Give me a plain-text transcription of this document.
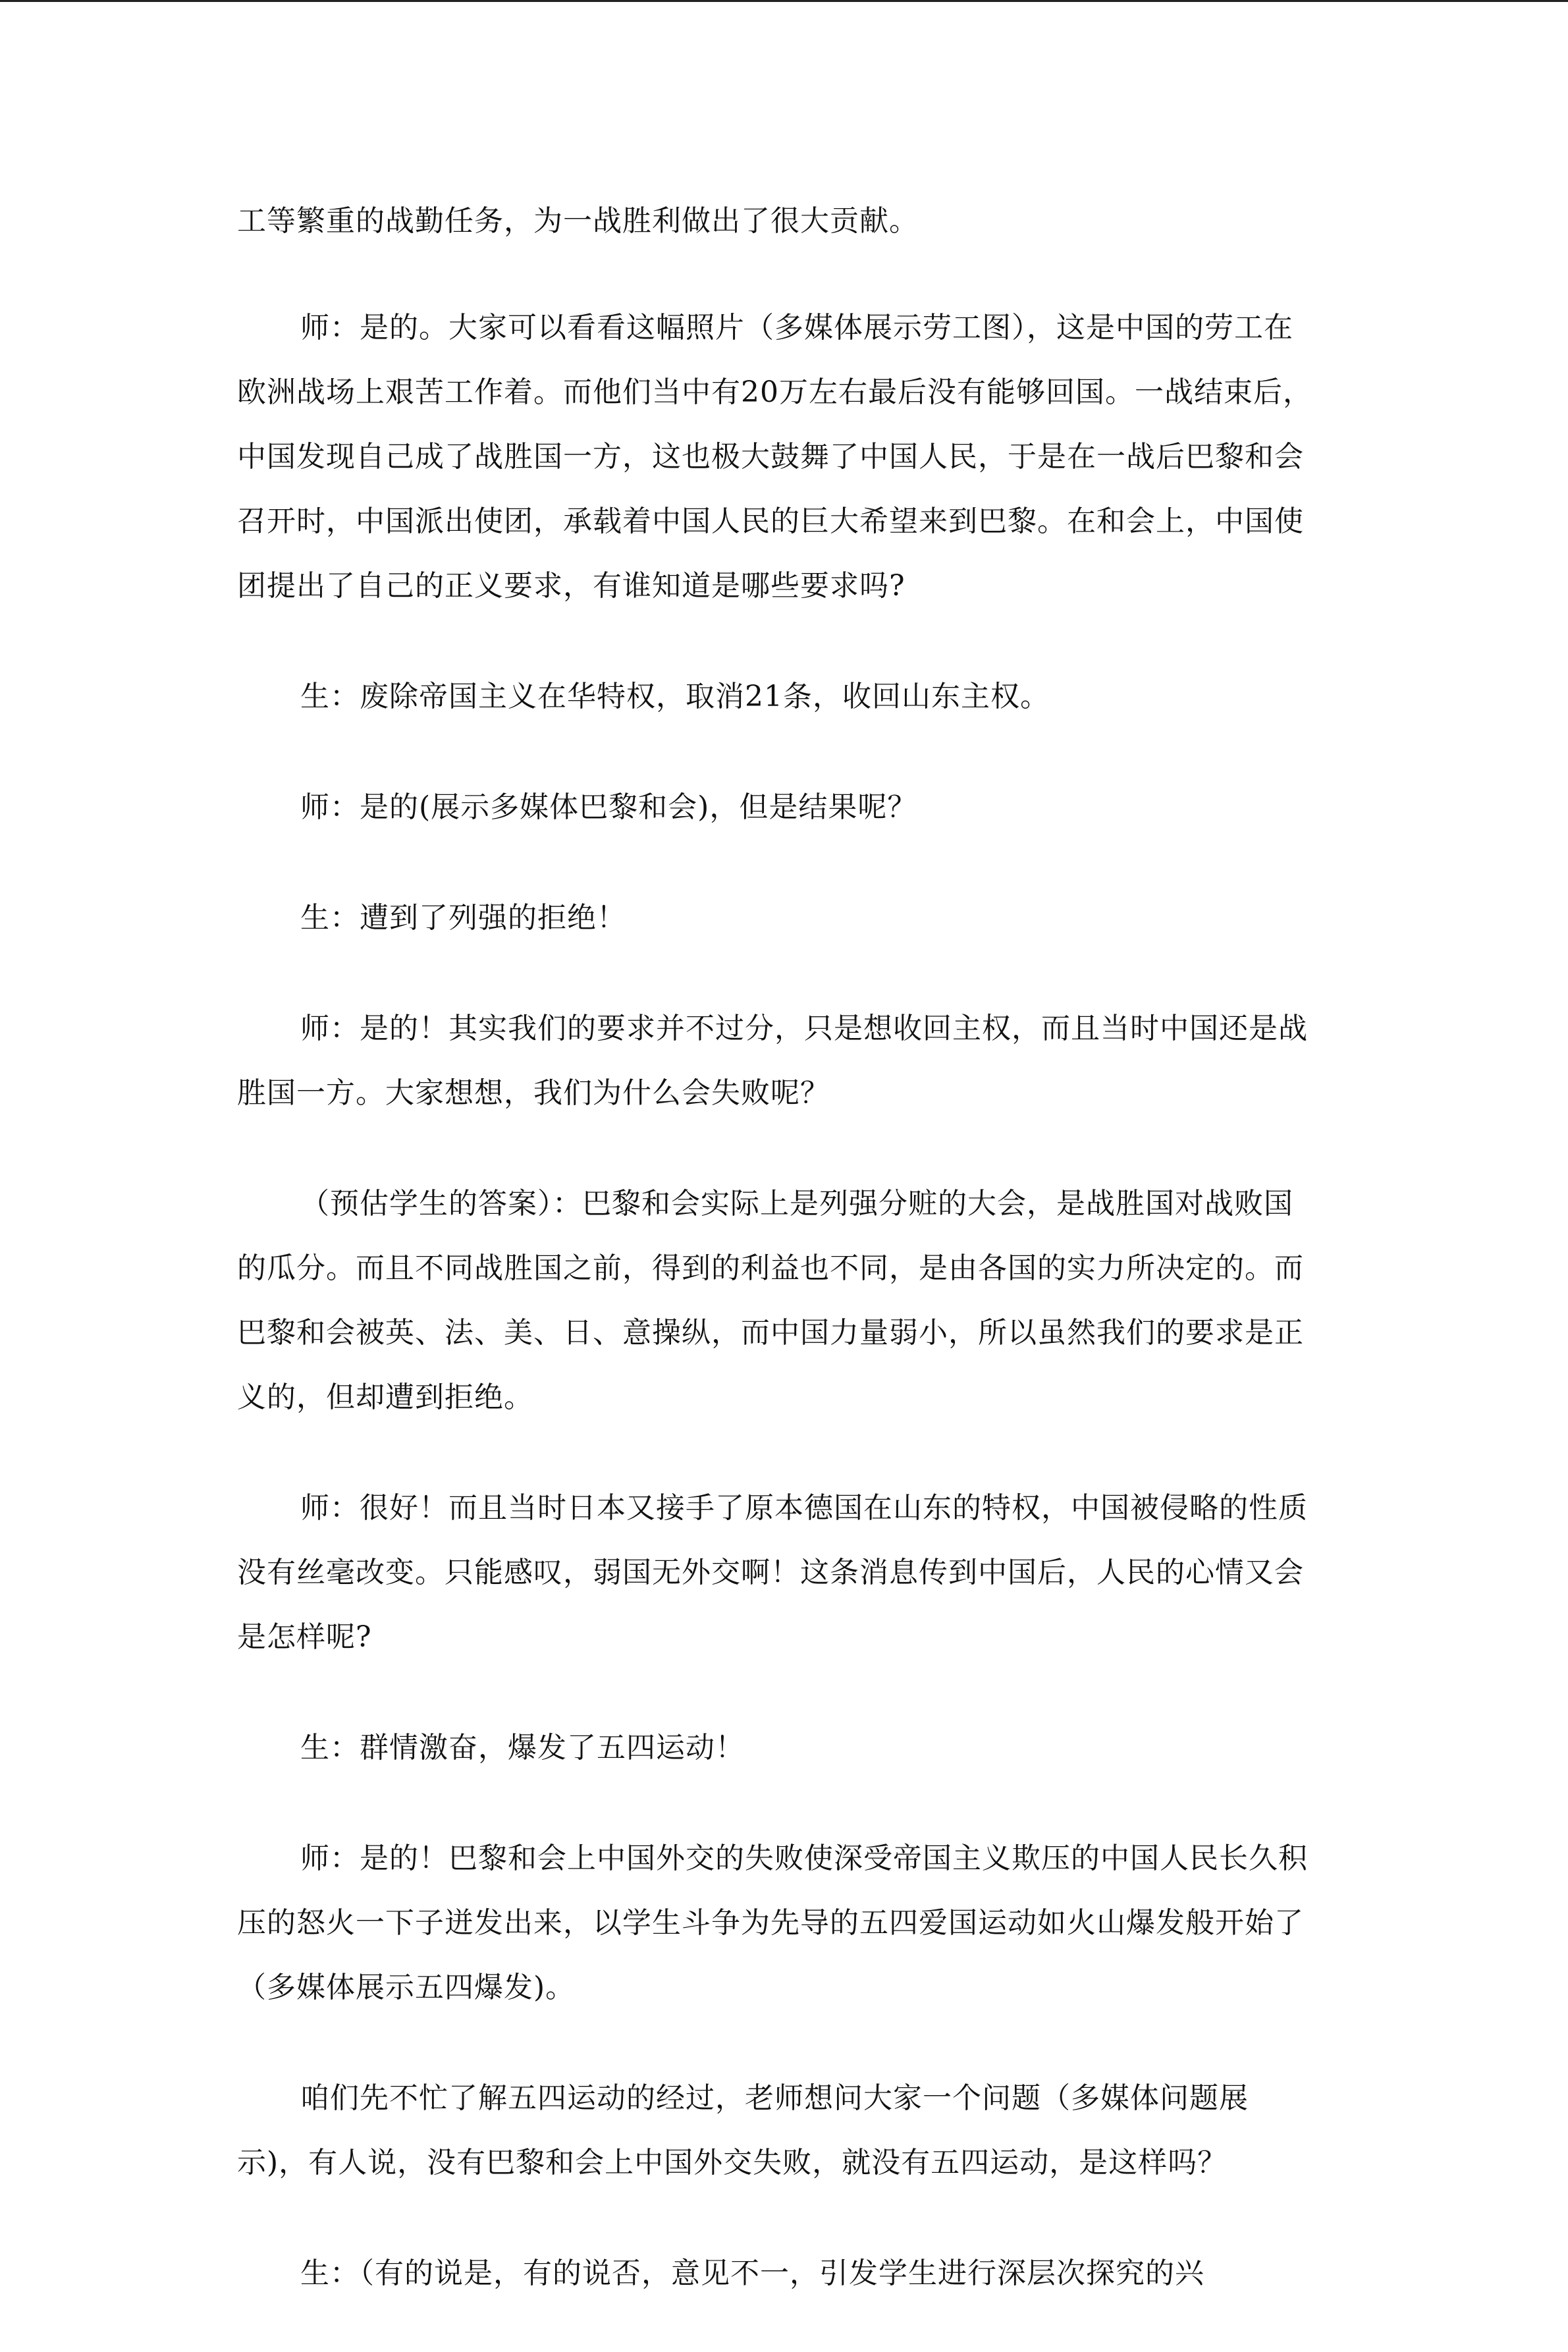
工等繁重的战勤任务，为一战胜利做出了很大贡献。

师：是的。大家可以看看这幅照片（多媒体展示劳工图），这是中国的劳工在欧洲战场上艰苦工作着。而他们当中有20万左右最后没有能够回国。一战结束后，中国发现自己成了战胜国一方，这也极大鼓舞了中国人民，于是在一战后巴黎和会召开时，中国派出使团，承载着中国人民的巨大希望来到巴黎。在和会上，中国使团提出了自己的正义要求，有谁知道是哪些要求吗?

生：废除帝国主义在华特权，取消21条，收回山东主权。

师：是的(展示多媒体巴黎和会)，但是结果呢？

生：遭到了列强的拒绝！

师：是的！其实我们的要求并不过分，只是想收回主权，而且当时中国还是战胜国一方。大家想想，我们为什么会失败呢？

（预估学生的答案）：巴黎和会实际上是列强分赃的大会，是战胜国对战败国的瓜分。而且不同战胜国之前，得到的利益也不同，是由各国的实力所决定的。而巴黎和会被英、法、美、日、意操纵，而中国力量弱小，所以虽然我们的要求是正义的，但却遭到拒绝。

师：很好！而且当时日本又接手了原本德国在山东的特权，中国被侵略的性质没有丝毫改变。只能感叹，弱国无外交啊！这条消息传到中国后，人民的心情又会是怎样呢?

生：群情激奋，爆发了五四运动！

师：是的！巴黎和会上中国外交的失败使深受帝国主义欺压的中国人民长久积压的怒火一下子迸发出来，以学生斗争为先导的五四爱国运动如火山爆发般开始了（多媒体展示五四爆发)。

咱们先不忙了解五四运动的经过，老师想问大家一个问题（多媒体问题展示)，有人说，没有巴黎和会上中国外交失败，就没有五四运动，是这样吗？

生：（有的说是，有的说否，意见不一，引发学生进行深层次探究的兴
